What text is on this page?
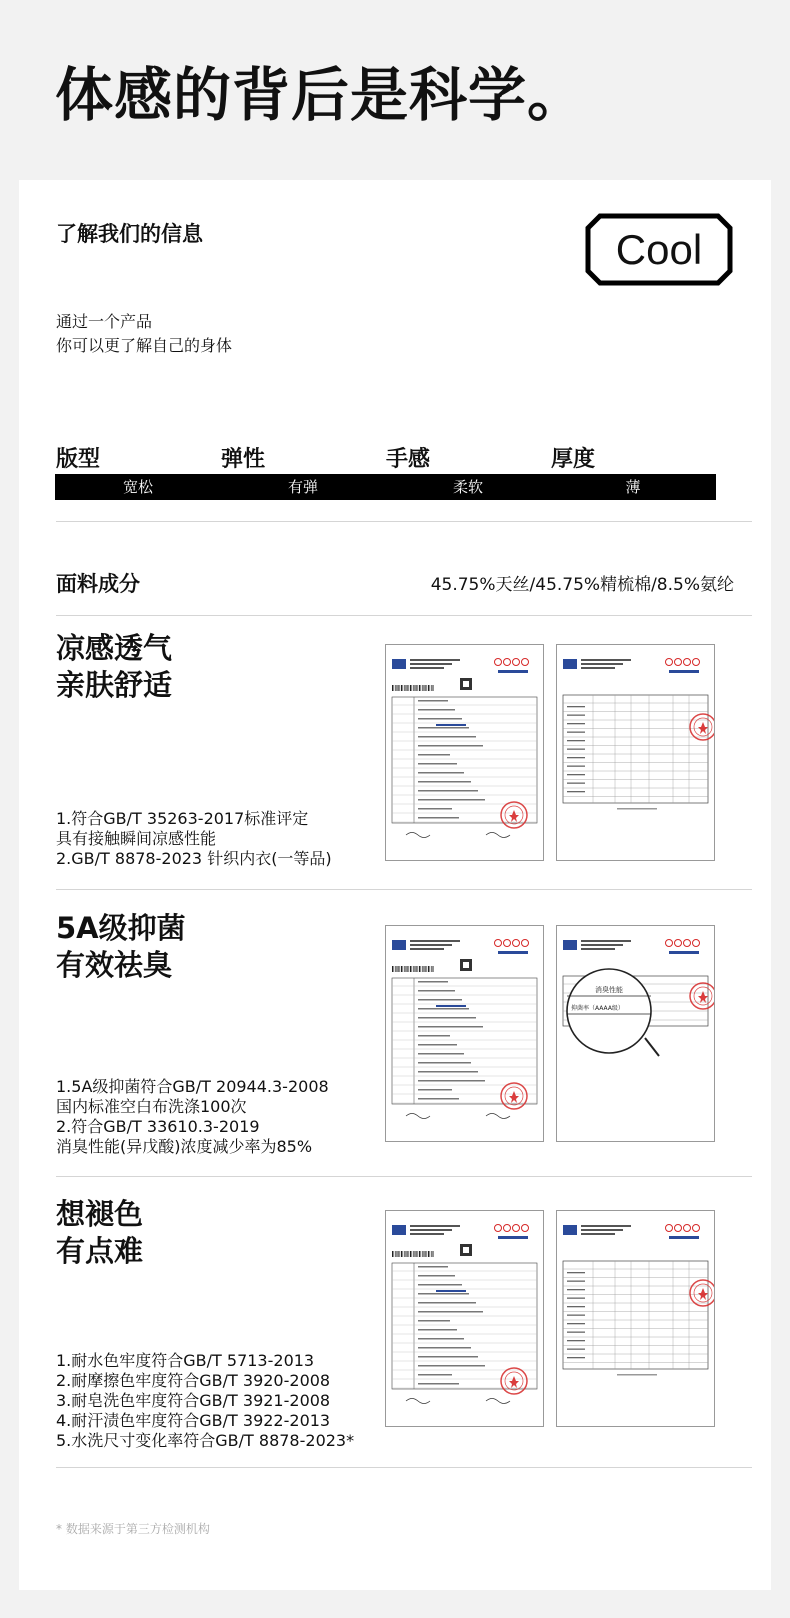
体感的背后是科学。
了解我们的信息	Cool
通过一个产品
你可以更了解自己的身体
版型	弹性	手感	厚度
宽松	有弹	柔软	薄
面料成分	45.75%天丝/45.75%精梳棉/8.5%氨纶
凉感透气
亲肤舒适
1.符合GB/T 35263-2017标准评定
具有接触瞬间凉感性能
2.GB/T 8878-2023 针织内衣(一等品)
5A级抑菌
有效祛臭
1.5A级抑菌符合GB/T 20944.3-2008
国内标准空白布洗涤100次
2.符合GB/T 33610.3-2019
消臭性能(异戊酸)浓度减少率为85%
消臭性能
抑菌率（AAAA级）
想褪色
有点难
1.耐水色牢度符合GB/T 5713-2013
2.耐摩擦色牢度符合GB/T 3920-2008
3.耐皂洗色牢度符合GB/T 3921-2008
4.耐汗渍色牢度符合GB/T 3922-2013
5.水洗尺寸变化率符合GB/T 8878-2023*
* 数据来源于第三方检测机构
